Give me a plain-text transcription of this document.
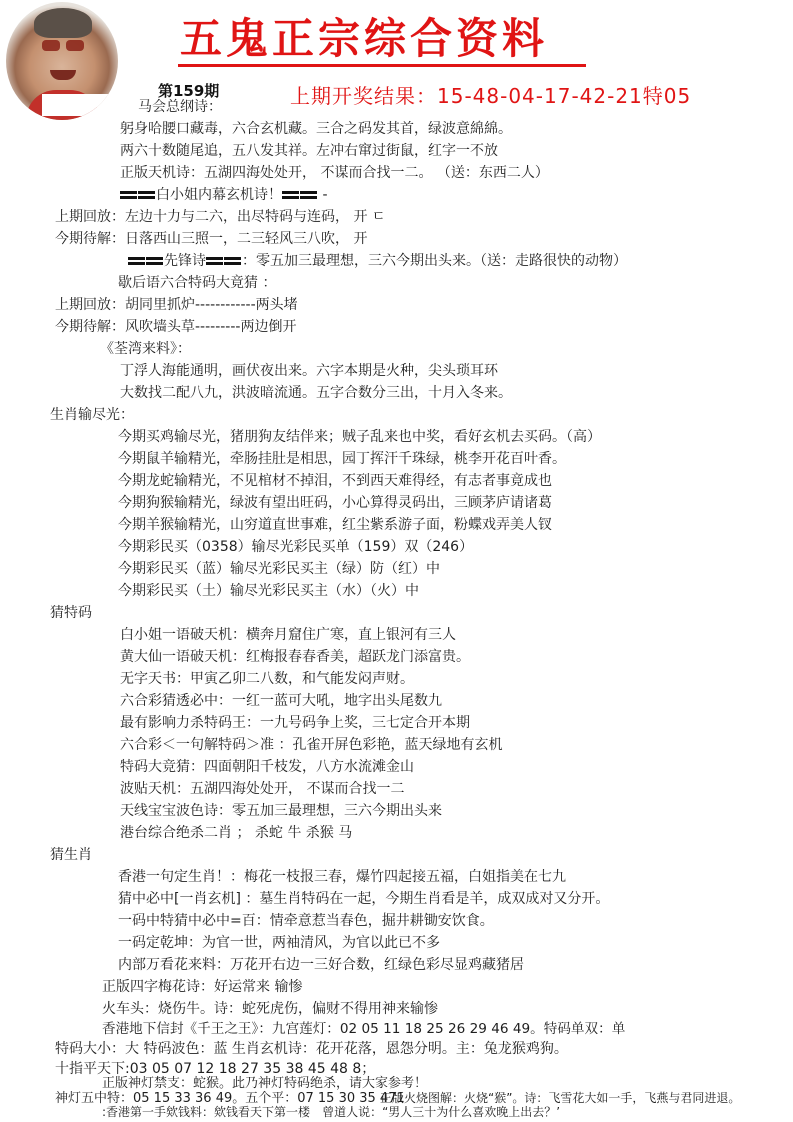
五鬼正宗综合资料
第159期	上期开奖结果：15-48-04-17-42-21特05
马会总纲诗：
躬身哈腰口藏毒，六合玄机藏。三合之码发其首，绿波意綿綿。
两六十数随尾追，五八发其祥。左冲右窜过街鼠，红字一不放
正版天机诗：五湖四海处处开， 不谋而合找一二。 （送：东西二人）
白小姐内幕玄机诗！	-
上期回放：左边十力与二六，出尽特码与连码， 开 ㄷ
今期待解：日落西山三照一，二三轻风三八吹， 开
先锋诗	：零五加三最理想，三六今期出头来。（送：走路很快的动物）
歇后语六合特码大竟猜 ：
上期回放：胡同里抓炉------------两头堵
今期待解：风吹墙头草---------两边倒开
《荃湾来料》：
丁浮人海能通明，画伏夜出来。六字本期是火种，尖头琐耳环
大数找二配八九，洪波暗流通。五字合数分三出，十月入冬来。
生肖输尽光：
今期买鸡输尽光，猪朋狗友结伴来；贼子乱来也中奖，看好玄机去买码。（高）
今期鼠羊输精光，牵肠挂肚是相思，园丁挥汗千珠绿，桃李开花百叶香。
今期龙蛇输精光，不见棺材不掉泪，不到西天难得经，有志者事竟成也
今期狗猴输精光，绿波有望出旺码，小心算得灵码出，三顾茅庐请诸葛
今期羊猴输精光，山穷道直世事难，红尘紫系游子面，粉蝶戏弄美人钗
今期彩民买（0358）输尽光彩民买单（159）双（246）
今期彩民买（蓝）输尽光彩民买主（绿）防（红）中
今期彩民买（土）输尽光彩民买主（水）（火）中
猜特码
白小姐一语破天机：横奔月窟住广寒，直上银河有三人
黄大仙一语破天机：红梅报春春香美，超跃龙门添富贵。
无字天书：甲寅乙卯二八数，和气能发闷声财。
六合彩猜透必中：一红一蓝可大吼，地字出头尾数九
最有影响力杀特码王：一九号码争上奖，三七定合开本期
六合彩＜一句解特码＞准 ：孔雀开屏色彩艳，蓝天绿地有玄机
特码大竞猜：四面朝阳千枝发，八方水流滩金山
波贴天机：五湖四海处处开， 不谋而合找一二
天线宝宝波色诗：零五加三最理想，三六今期出头来
港台综合绝杀二肖 ； 杀蛇 牛 杀猴 马
猜生肖
香港一句定生肖！：梅花一枝报三春，爆竹四起接五福，白姐指美在七九
猜中必中[一肖玄机] ：墓生肖特码在一起，今期生肖看是羊，成双成对又分开。
一码中特猜中必中=百：情牵意惹当春色，掘井耕锄安饮食。
一码定乾坤：为官一世，两袖清风，为官以此已不多
内部万看花来料：万花开右边一三好合数，红绿色彩尽显鸡藏猪居
正版四字梅花诗：好运常来 输惨
火车头：烧伤牛。诗：蛇死虎伤，偏财不得用神来输惨
香港地下信封《千王之王》：九宫莲灯：02 05 11 18 25 26 29 46 49。特码单双：单
特码大小：大 特码波色：蓝 生肖玄机诗：花开花落，恩怨分明。主：兔龙猴鸡狗。
十指平天下:03 05 07 12 18 27 35 38 45 48 8；
正版神灯禁支：蛇猴。此乃神灯特码绝杀，请大家参考！
神灯五中特：05 15 33 36 49。五个平：07 15 30 35 471
:香港第一手欸钱料：欸钱看天下第一楼　 曾道人说：“男人三十为什么喜欢晚上出去？’
正版火烧图解：火烧“猴”。诗：飞雪花大如一手，飞燕与君同进退。
香港6000元传真料：特肖：兔羊鸡猪 特双 平码：05 12 28 39 46
